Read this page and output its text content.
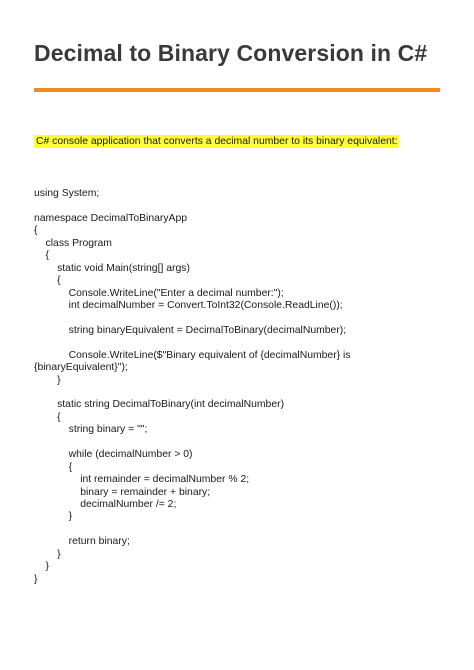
Decimal to Binary Conversion in C#
C# console application that converts a decimal number to its binary equivalent:
using System;

namespace DecimalToBinaryApp
{
class Program
{
static void Main(string[] args)
{
Console.WriteLine("Enter a decimal number:");
int decimalNumber = Convert.ToInt32(Console.ReadLine());

string binaryEquivalent = DecimalToBinary(decimalNumber);

Console.WriteLine($"Binary equivalent of {decimalNumber} is
{binaryEquivalent}");
}

static string DecimalToBinary(int decimalNumber)
{
string binary = "";

while (decimalNumber > 0)
{
int remainder = decimalNumber % 2;
binary = remainder + binary;
decimalNumber /= 2;
}

return binary;
}
}
}
